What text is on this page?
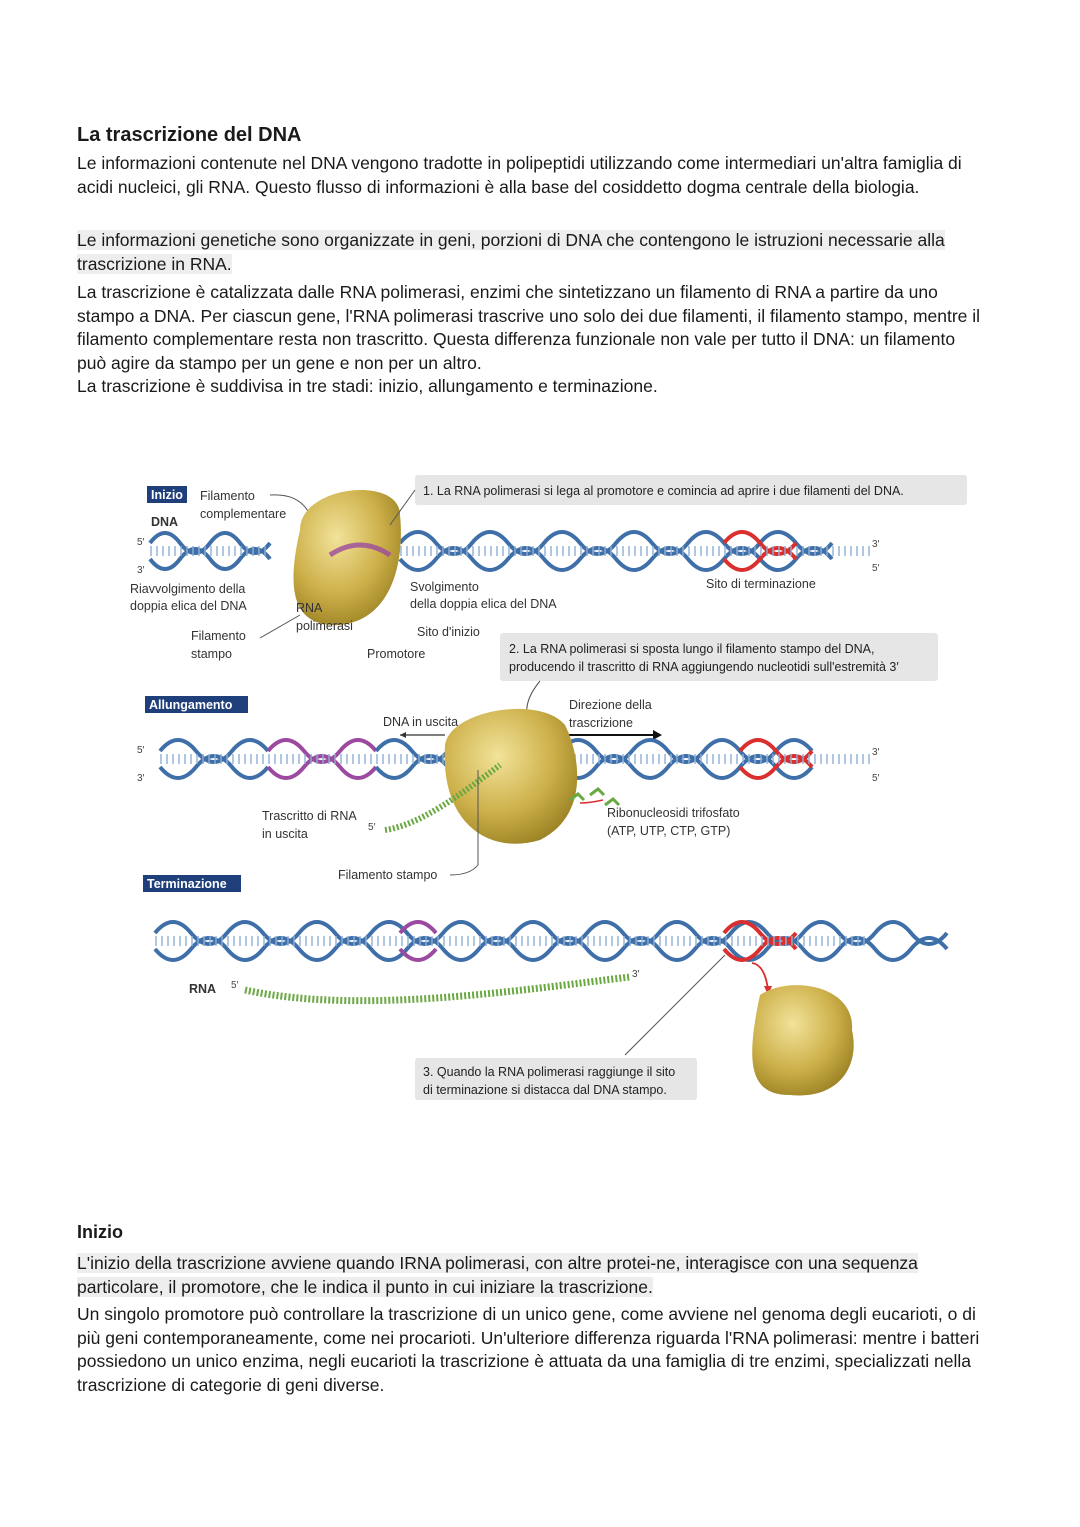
La trascrizione del DNA
Le informazioni contenute nel DNA vengono tradotte in polipeptidi utilizzando come intermediari un'altra famiglia di acidi nucleici, gli RNA. Questo flusso di informazioni è alla base del cosiddetto dogma centrale della biologia.
Le informazioni genetiche sono organizzate in geni, porzioni di DNA che contengono le istruzioni necessarie alla trascrizione in RNA.
La trascrizione è catalizzata dalle RNA polimerasi, enzimi che sintetizzano un filamento di RNA a partire da uno stampo a DNA. Per ciascun gene, l'RNA polimerasi trascrive uno solo dei due filamenti, il filamento stampo, mentre il filamento complementare resta non trascritto. Questa differenza funzionale non vale per tutto il DNA: un filamento può agire da stampo per un gene e non per un altro.
La trascrizione è suddivisa in tre stadi: inizio, allungamento e terminazione.
Inizio
DNA
Filamento
complementare
5′
3′
3′
5′
1. La RNA polimerasi si lega al promotore e comincia ad aprire i due filamenti del DNA.
Riavvolgimento della
doppia elica del DNA	RNA
polimerasi
Filamento
stampo
Svolgimento
della doppia elica del DNA
Sito d'inizio
Promotore
Sito di terminazione
2. La RNA polimerasi si sposta lungo il filamento stampo del DNA,
producendo il trascritto di RNA aggiungendo nucleotidi sull'estremità 3′
Allungamento
DNA in uscita
Direzione della
trascrizione
5′
3′
3′
5′
5′
Trascritto di RNA
in uscita
Ribonucleosidi trifosfato
(ATP, UTP, CTP, GTP)
Filamento stampo
Terminazione
RNA 5′
3′
3. Quando la RNA polimerasi raggiunge il sito
di terminazione si distacca dal DNA stampo.
Inizio
L'inizio della trascrizione avviene quando IRNA polimerasi, con altre protei-ne, interagisce con una sequenza particolare, il promotore, che le indica il punto in cui iniziare la trascrizione.
Un singolo promotore può controllare la trascrizione di un unico gene, come avviene nel genoma degli eucarioti, o di più geni contemporaneamente, come nei procarioti. Un'ulteriore differenza riguarda l'RNA polimerasi: mentre i batteri possiedono un unico enzima, negli eucarioti la trascrizione è attuata da una famiglia di tre enzimi, specializzati nella trascrizione di categorie di geni diverse.
